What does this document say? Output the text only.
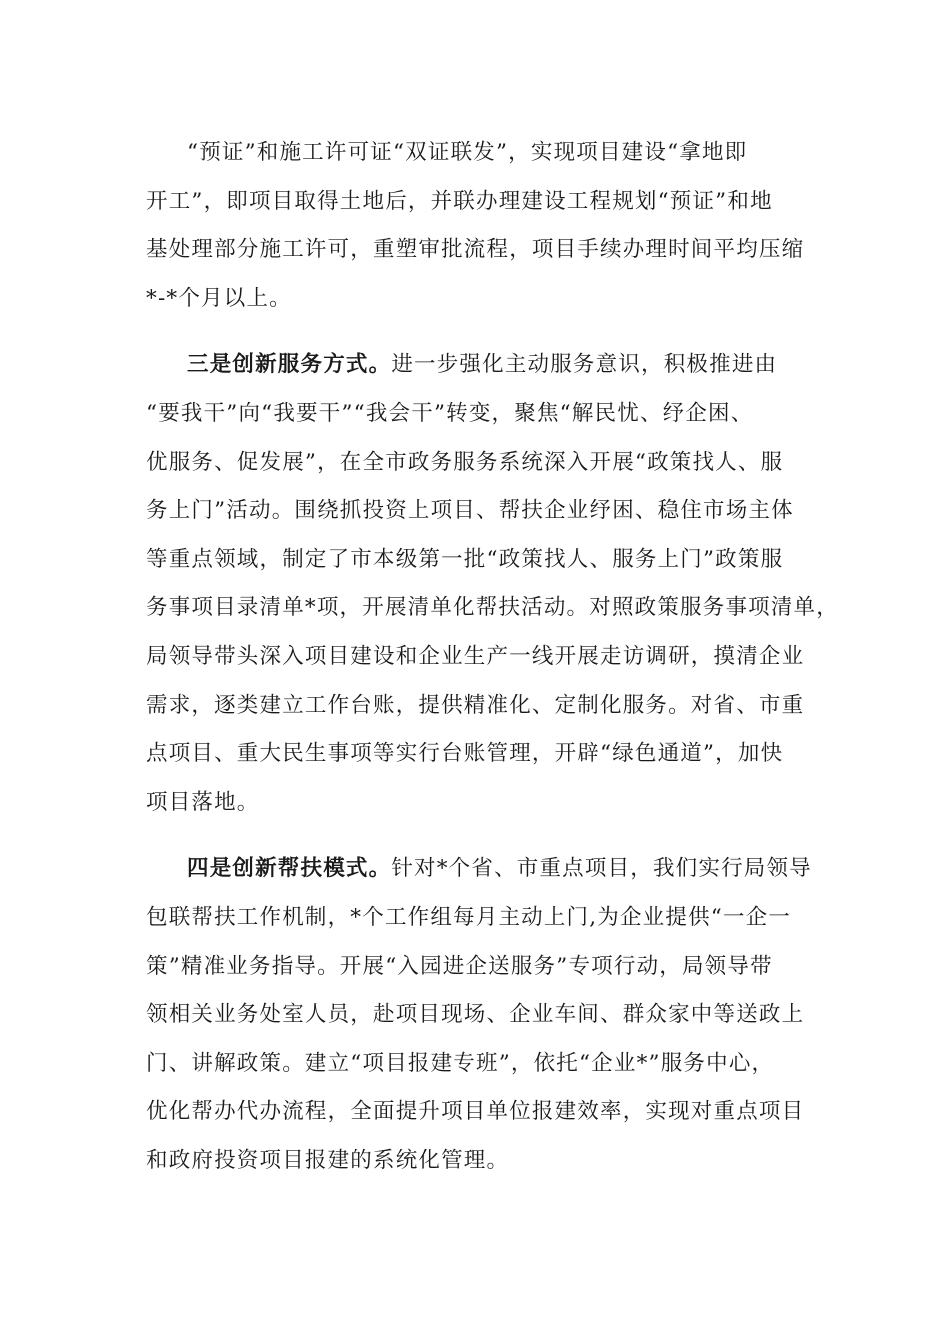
“预证”和施工许可证“双证联发”，实现项目建设“拿地即
开工”，即项目取得土地后，并联办理建设工程规划“预证”和地
基处理部分施工许可，重塑审批流程，项目手续办理时间平均压缩
*-*个月以上。
三是创新服务方式。进一步强化主动服务意识，积极推进由
“要我干”向“我要干”“我会干”转变，聚焦“解民忧、纾企困、
优服务、促发展”，在全市政务服务系统深入开展“政策找人、服
务上门”活动。围绕抓投资上项目、帮扶企业纾困、稳住市场主体
等重点领域，制定了市本级第一批“政策找人、服务上门”政策服
务事项目录清单*项，开展清单化帮扶活动。对照政策服务事项清单，
局领导带头深入项目建设和企业生产一线开展走访调研，摸清企业
需求，逐类建立工作台账，提供精准化、定制化服务。对省、市重
点项目、重大民生事项等实行台账管理，开辟“绿色通道”，加快
项目落地。
四是创新帮扶模式。针对*个省、市重点项目，我们实行局领导
包联帮扶工作机制，*个工作组每月主动上门,为企业提供“一企一
策”精准业务指导。开展“入园进企送服务”专项行动，局领导带
领相关业务处室人员，赴项目现场、企业车间、群众家中等送政上
门、讲解政策。建立“项目报建专班”，依托“企业*”服务中心，
优化帮办代办流程，全面提升项目单位报建效率，实现对重点项目
和政府投资项目报建的系统化管理。
